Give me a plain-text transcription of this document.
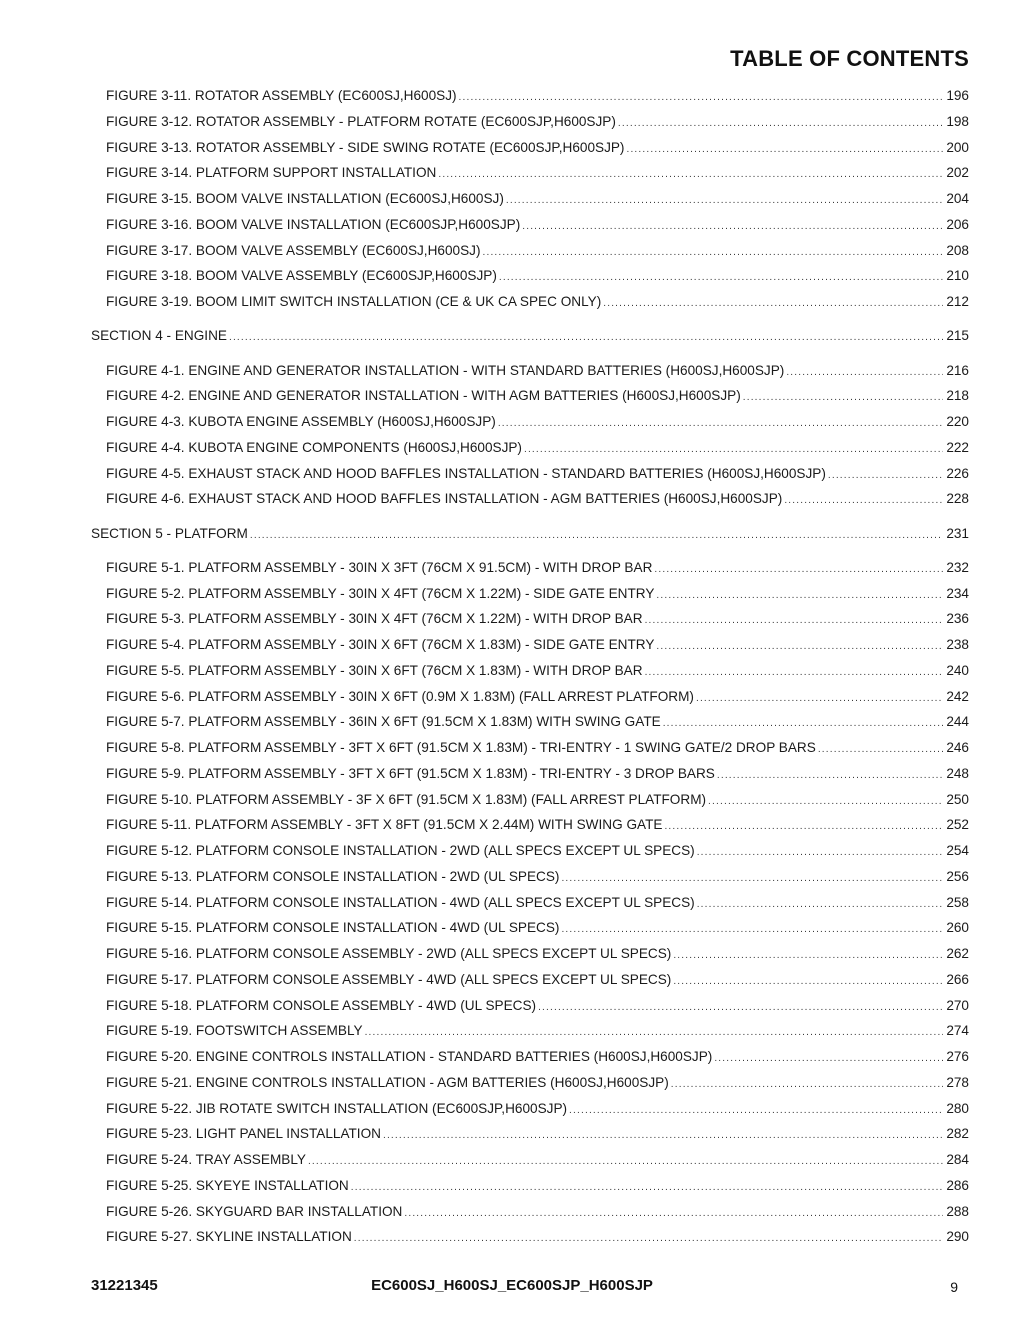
TABLE OF CONTENTS
FIGURE 3-11. ROTATOR ASSEMBLY (EC600SJ,H600SJ) .....	196
FIGURE 3-12. ROTATOR ASSEMBLY - PLATFORM ROTATE (EC600SJP,H600SJP) .....	198
FIGURE 3-13. ROTATOR ASSEMBLY - SIDE SWING ROTATE (EC600SJP,H600SJP) .....	200
FIGURE 3-14. PLATFORM SUPPORT INSTALLATION .....	202
FIGURE 3-15. BOOM VALVE INSTALLATION (EC600SJ,H600SJ) .....	204
FIGURE 3-16. BOOM VALVE INSTALLATION (EC600SJP,H600SJP) .....	206
FIGURE 3-17. BOOM VALVE ASSEMBLY (EC600SJ,H600SJ) .....	208
FIGURE 3-18. BOOM VALVE ASSEMBLY (EC600SJP,H600SJP) .....	210
FIGURE 3-19. BOOM LIMIT SWITCH INSTALLATION (CE & UK CA SPEC ONLY) .....	212
SECTION 4 - ENGINE .....	215
FIGURE 4-1. ENGINE AND GENERATOR INSTALLATION - WITH STANDARD BATTERIES (H600SJ,H600SJP) .....	216
FIGURE 4-2. ENGINE AND GENERATOR INSTALLATION - WITH AGM BATTERIES (H600SJ,H600SJP) .....	218
FIGURE 4-3. KUBOTA ENGINE ASSEMBLY (H600SJ,H600SJP) .....	220
FIGURE 4-4. KUBOTA ENGINE COMPONENTS (H600SJ,H600SJP) .....	222
FIGURE 4-5. EXHAUST STACK AND HOOD BAFFLES INSTALLATION - STANDARD BATTERIES (H600SJ,H600SJP) .....	226
FIGURE 4-6. EXHAUST STACK AND HOOD BAFFLES INSTALLATION - AGM BATTERIES (H600SJ,H600SJP) .....	228
SECTION 5 - PLATFORM .....	231
FIGURE 5-1. PLATFORM ASSEMBLY - 30IN X 3FT (76CM X 91.5CM) - WITH DROP BAR .....	232
FIGURE 5-2. PLATFORM ASSEMBLY - 30IN X 4FT (76CM X 1.22M) - SIDE GATE ENTRY .....	234
FIGURE 5-3. PLATFORM ASSEMBLY - 30IN X 4FT (76CM X 1.22M) - WITH DROP BAR .....	236
FIGURE 5-4. PLATFORM ASSEMBLY - 30IN X 6FT (76CM X 1.83M) - SIDE GATE ENTRY .....	238
FIGURE 5-5. PLATFORM ASSEMBLY - 30IN X 6FT (76CM X 1.83M) - WITH DROP BAR .....	240
FIGURE 5-6. PLATFORM ASSEMBLY - 30IN X 6FT (0.9M X 1.83M) (FALL ARREST PLATFORM) .....	242
FIGURE 5-7. PLATFORM ASSEMBLY - 36IN X 6FT (91.5CM X 1.83M) WITH SWING GATE .....	244
FIGURE 5-8. PLATFORM ASSEMBLY - 3FT X 6FT (91.5CM X 1.83M) - TRI-ENTRY - 1 SWING GATE/2 DROP BARS .....	246
FIGURE 5-9. PLATFORM ASSEMBLY - 3FT X 6FT (91.5CM X 1.83M) - TRI-ENTRY - 3 DROP BARS .....	248
FIGURE 5-10. PLATFORM ASSEMBLY - 3F X 6FT (91.5CM X 1.83M) (FALL ARREST PLATFORM) .....	250
FIGURE 5-11. PLATFORM ASSEMBLY - 3FT X 8FT (91.5CM X 2.44M) WITH SWING GATE .....	252
FIGURE 5-12. PLATFORM CONSOLE INSTALLATION - 2WD (ALL SPECS EXCEPT UL SPECS) .....	254
FIGURE 5-13. PLATFORM CONSOLE INSTALLATION - 2WD (UL SPECS) .....	256
FIGURE 5-14. PLATFORM CONSOLE INSTALLATION - 4WD (ALL SPECS EXCEPT UL SPECS) .....	258
FIGURE 5-15. PLATFORM CONSOLE INSTALLATION - 4WD (UL SPECS) .....	260
FIGURE 5-16. PLATFORM CONSOLE ASSEMBLY - 2WD (ALL SPECS EXCEPT UL SPECS) .....	262
FIGURE 5-17. PLATFORM CONSOLE ASSEMBLY - 4WD (ALL SPECS EXCEPT UL SPECS) .....	266
FIGURE 5-18. PLATFORM CONSOLE ASSEMBLY - 4WD (UL SPECS) .....	270
FIGURE 5-19. FOOTSWITCH ASSEMBLY .....	274
FIGURE 5-20. ENGINE CONTROLS INSTALLATION - STANDARD BATTERIES (H600SJ,H600SJP) .....	276
FIGURE 5-21. ENGINE CONTROLS INSTALLATION - AGM BATTERIES (H600SJ,H600SJP) .....	278
FIGURE 5-22. JIB ROTATE SWITCH INSTALLATION (EC600SJP,H600SJP) .....	280
FIGURE 5-23. LIGHT PANEL INSTALLATION .....	282
FIGURE 5-24. TRAY ASSEMBLY .....	284
FIGURE 5-25. SKYEYE INSTALLATION .....	286
FIGURE 5-26. SKYGUARD BAR INSTALLATION .....	288
FIGURE 5-27. SKYLINE INSTALLATION .....	290
31221345	EC600SJ_H600SJ_EC600SJP_H600SJP	9
